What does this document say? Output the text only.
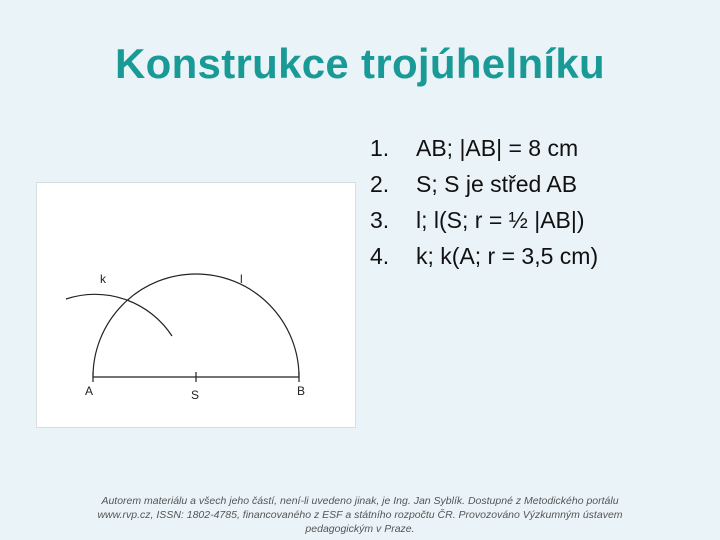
Konstrukce trojúhelníku
1. AB; |AB| = 8 cm
2. S; S je střed AB
3. l; l(S; r = ½ |AB|)
4. k; k(A; r = 3,5 cm)
k	l
A	S	B
Autorem materiálu a všech jeho částí, není-li uvedeno jinak, je Ing. Jan Syblík. Dostupné z Metodického portálu
www.rvp.cz, ISSN: 1802-4785, financovaného z ESF a státního rozpočtu ČR. Provozováno Výzkumným ústavem
pedagogickým v Praze.
